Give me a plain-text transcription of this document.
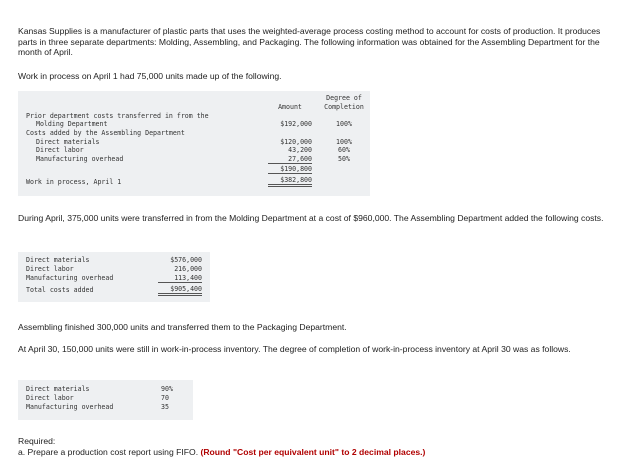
Kansas Supplies is a manufacturer of plastic parts that uses the weighted-average process costing method to account for costs of production. It produces parts in three separate departments: Molding, Assembling, and Packaging. The following information was obtained for the Assembling Department for the month of April.

Work in process on April 1 had 75,000 units made up of the following.

Amount
Degree of
Completion
Prior department costs transferred in from the
Molding Department	$192,000	100%
Costs added by the Assembling Department
Direct materials	$120,000	100%
Direct labor	43,200	60%
Manufacturing overhead	27,600	50%
$190,800
Work in process, April 1	$382,800

During April, 375,000 units were transferred in from the Molding Department at a cost of $960,000. The Assembling Department added the following costs.

Direct materials	$576,000
Direct labor	216,000
Manufacturing overhead	113,400
Total costs added	$905,400

Assembling finished 300,000 units and transferred them to the Packaging Department.

At April 30, 150,000 units were still in work-in-process inventory. The degree of completion of work-in-process inventory at April 30 was as follows.

Direct materials	90%
Direct labor	70
Manufacturing overhead	35

Required:

a. Prepare a production cost report using FIFO. (Round "Cost per equivalent unit" to 2 decimal places.)
